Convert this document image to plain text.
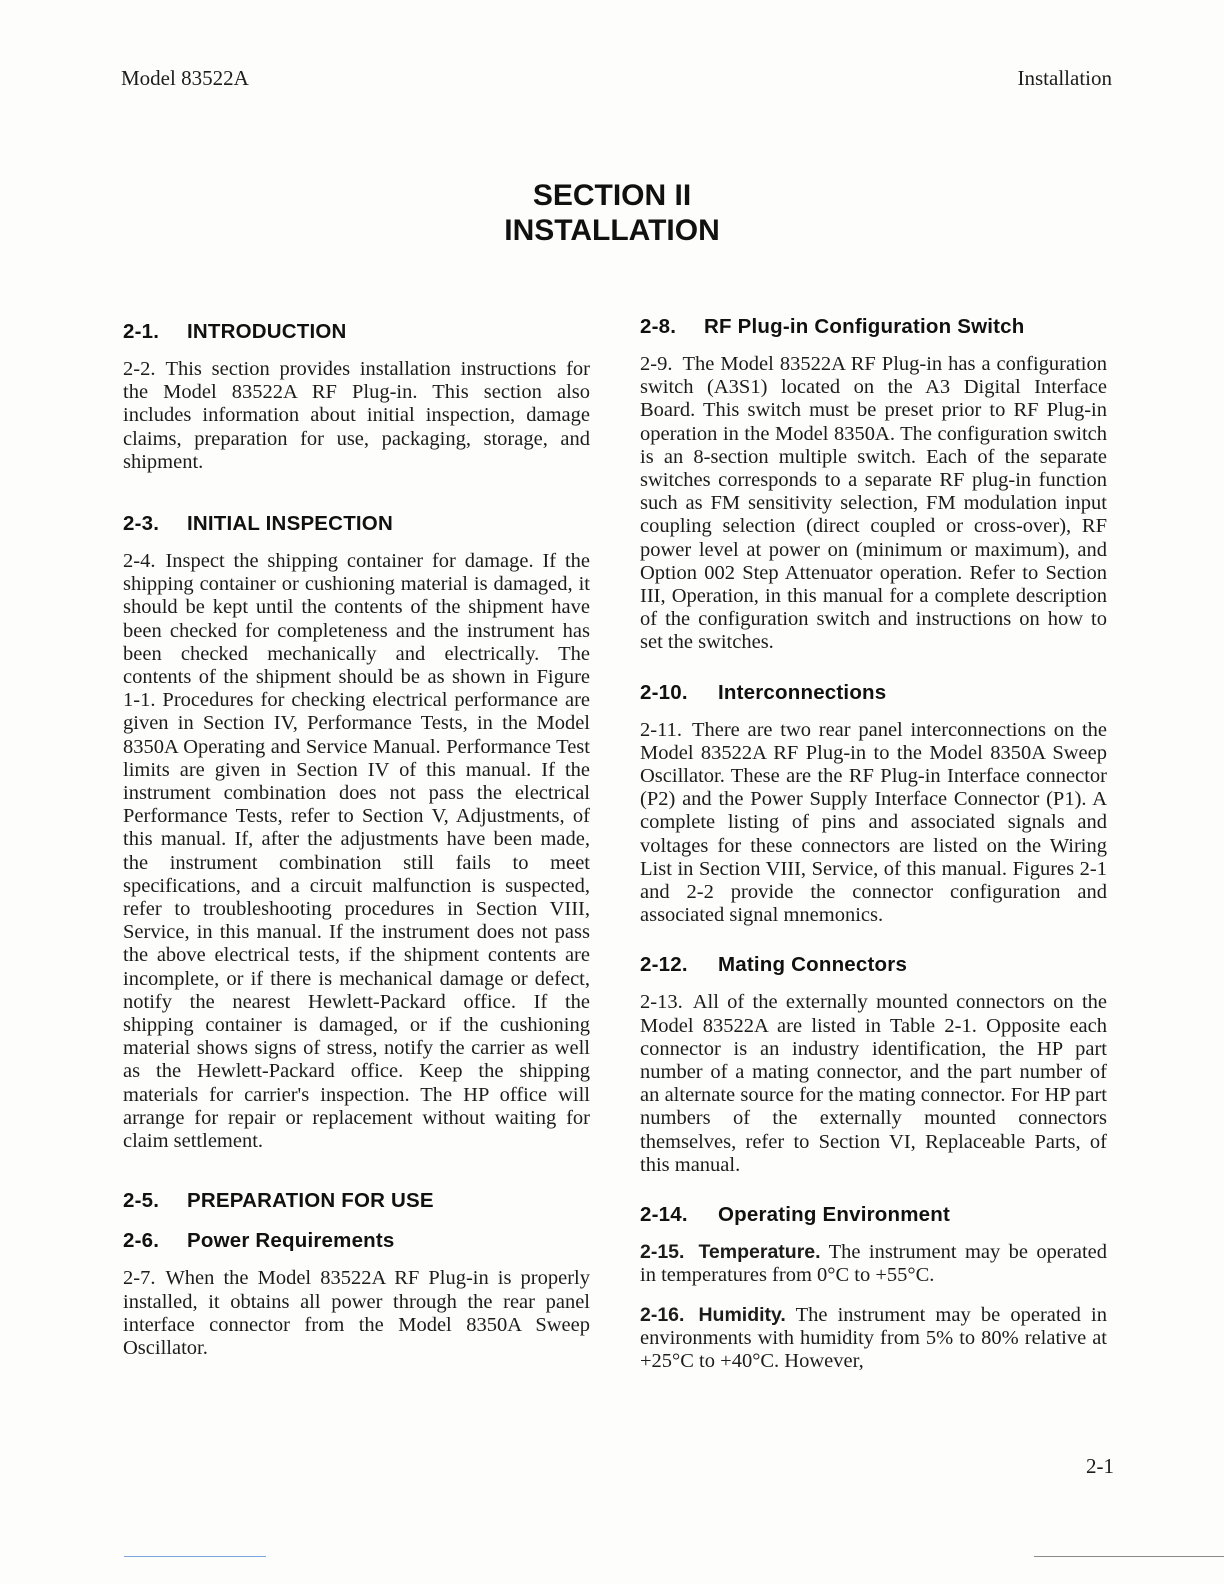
Model 83522A	Installation
SECTION II
INSTALLATION
2-1. INTRODUCTION

2-2. This section provides installation instructions for the Model 83522A RF Plug-in. This section also includes information about initial inspection, damage claims, preparation for use, packaging, storage, and shipment.

2-3. INITIAL INSPECTION

2-4. Inspect the shipping container for damage. If the shipping container or cushioning material is damaged, it should be kept until the contents of the shipment have been checked for completeness and the instrument has been checked mechanically and electrically. The contents of the shipment should be as shown in Figure 1-1. Procedures for checking electrical performance are given in Section IV, Performance Tests, in the Model 8350A Operating and Service Manual. Performance Test limits are given in Section IV of this manual. If the instrument combination does not pass the electrical Performance Tests, refer to Section V, Adjustments, of this manual. If, after the adjustments have been made, the instrument combination still fails to meet specifications, and a circuit malfunction is suspected, refer to troubleshooting procedures in Section VIII, Service, in this manual. If the instrument does not pass the above electrical tests, if the shipment contents are incomplete, or if there is mechanical damage or defect, notify the nearest Hewlett-Packard office. If the shipping container is damaged, or if the cushioning material shows signs of stress, notify the carrier as well as the Hewlett-Packard office. Keep the shipping materials for carrier's inspection. The HP office will arrange for repair or replacement without waiting for claim settlement.

2-5. PREPARATION FOR USE
2-6. Power Requirements

2-7. When the Model 83522A RF Plug-in is properly installed, it obtains all power through the rear panel interface connector from the Model 8350A Sweep Oscillator.

2-8. RF Plug-in Configuration Switch

2-9. The Model 83522A RF Plug-in has a configuration switch (A3S1) located on the A3 Digital Interface Board. This switch must be preset prior to RF Plug-in operation in the Model 8350A. The configuration switch is an 8-section multiple switch. Each of the separate switches corresponds to a separate RF plug-in function such as FM sensitivity selection, FM modulation input coupling selection (direct coupled or cross-over), RF power level at power on (minimum or maximum), and Option 002 Step Attenuator operation. Refer to Section III, Operation, in this manual for a complete description of the configuration switch and instructions on how to set the switches.

2-10. Interconnections

2-11. There are two rear panel interconnections on the Model 83522A RF Plug-in to the Model 8350A Sweep Oscillator. These are the RF Plug-in Interface connector (P2) and the Power Supply Interface Connector (P1). A complete listing of pins and associated signals and voltages for these connectors are listed on the Wiring List in Section VIII, Service, of this manual. Figures 2-1 and 2-2 provide the connector configuration and associated signal mnemonics.

2-12. Mating Connectors

2-13. All of the externally mounted connectors on the Model 83522A are listed in Table 2-1. Opposite each connector is an industry identification, the HP part number of a mating connector, and the part number of an alternate source for the mating connector. For HP part numbers of the externally mounted connectors themselves, refer to Section VI, Replaceable Parts, of this manual.

2-14. Operating Environment

2-15. Temperature. The instrument may be operated in temperatures from 0°C to +55°C.

2-16. Humidity. The instrument may be operated in environments with humidity from 5% to 80% relative at +25°C to +40°C. However,

2-1
